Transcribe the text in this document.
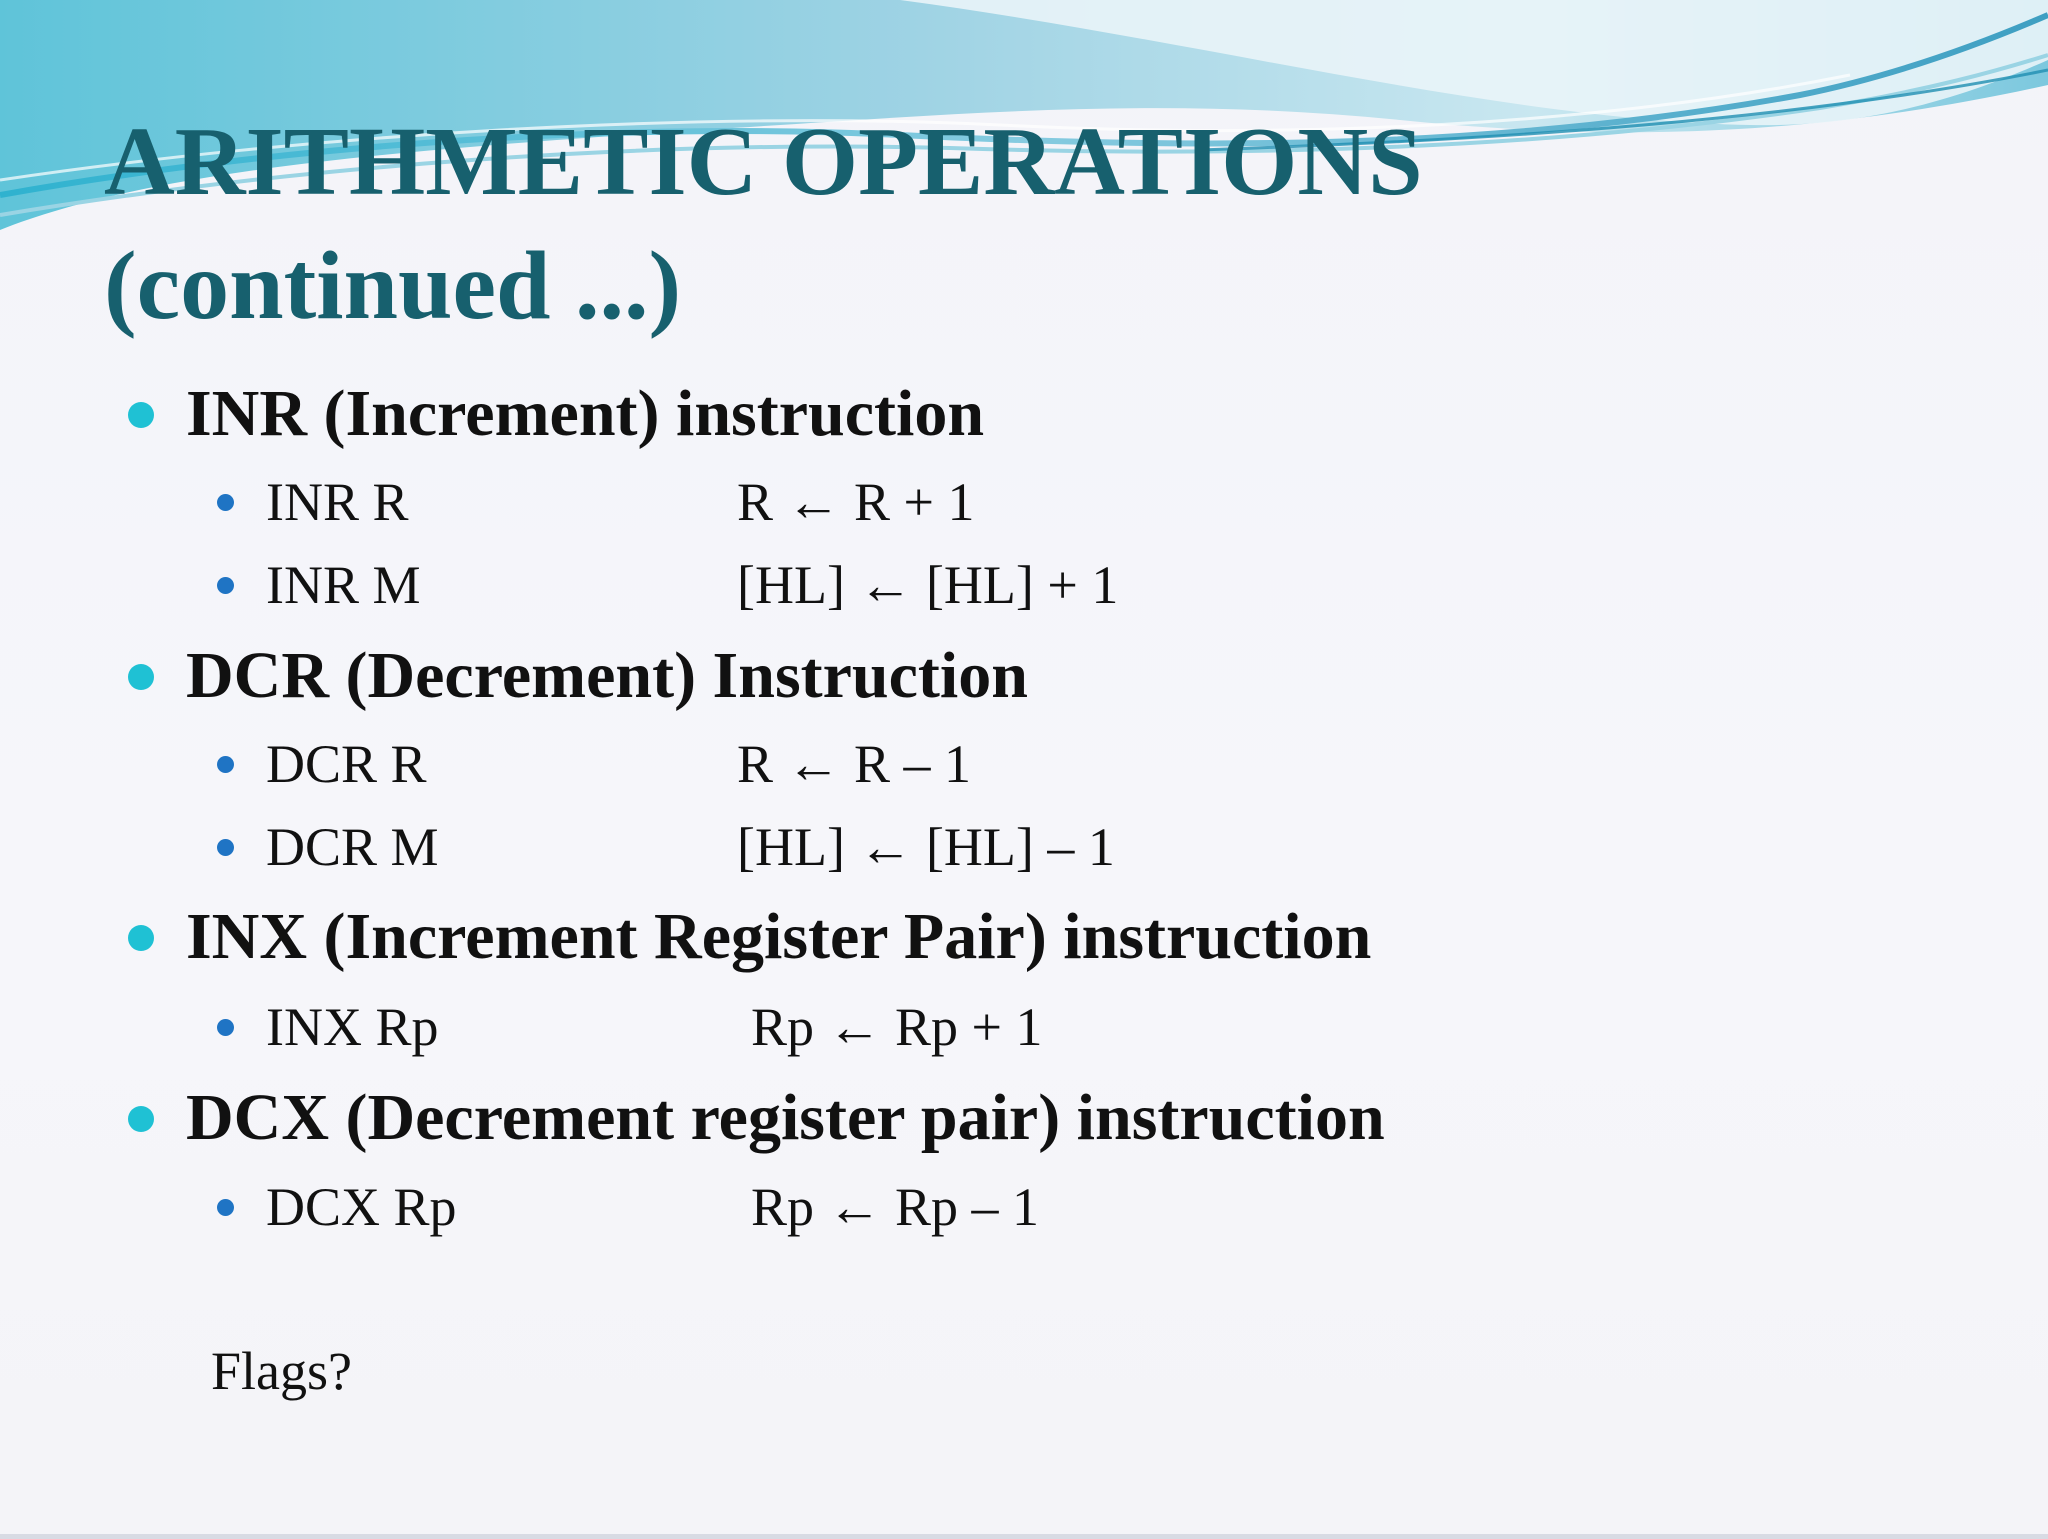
ARITHMETIC OPERATIONS
(continued ...)
INR (Increment) instruction
INR R	R ← R + 1
INR M	[HL] ← [HL] + 1
DCR (Decrement) Instruction
DCR R	R ← R – 1
DCR M	[HL] ← [HL] – 1
INX (Increment Register Pair) instruction
INX Rp	Rp ← Rp + 1
DCX (Decrement register pair) instruction
DCX Rp	Rp ← Rp – 1
Flags?
